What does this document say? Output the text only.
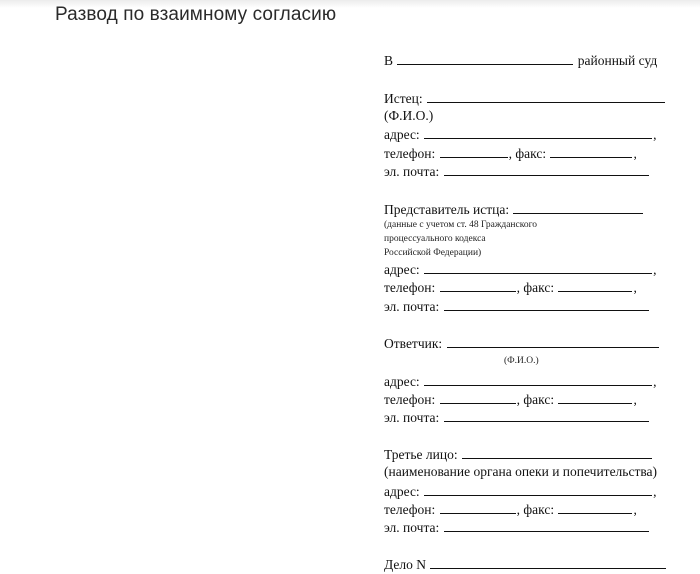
Развод по взаимному согласию
В	районный суд
Истец:
(Ф.И.О.)
адрес:	,
телефон:	, факс:	,
эл. почта:
Представитель истца:
(данные с учетом ст. 48 Гражданского
процессуального кодекса
Российской Федерации)
адрес:	,
телефон:	, факс:	,
эл. почта:
Ответчик:
(Ф.И.О.)
адрес:	,
телефон:	, факс:	,
эл. почта:
Третье лицо:
(наименование органа опеки и попечительства)
адрес:	,
телефон:	, факс:	,
эл. почта:
Дело N
